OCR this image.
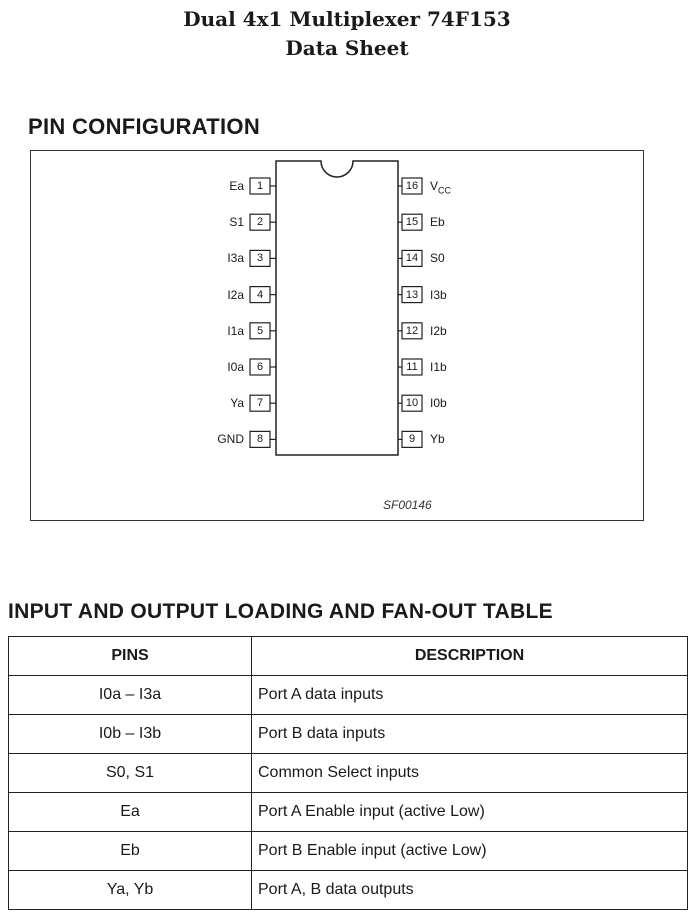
Dual 4x1 Multiplexer 74F153
Data Sheet
PIN CONFIGURATION
1
Ea
2
S1
3
I3a
4
I2a
5
I1a
6
I0a
7
Ya
8
GND
16 $V_{CC}$
15 Eb
14 S0
13 I3b
12 I2b
11	I1b
10 I0b
9	Yb
SF00146
INPUT AND OUTPUT LOADING AND FAN-OUT TABLE
PINS	DESCRIPTION
I0a – I3a	Port A data inputs
I0b – I3b	Port B data inputs
S0, S1	Common Select inputs
Ea	Port A Enable input (active Low)
Eb	Port B Enable input (active Low)
Ya, Yb	Port A, B data outputs
